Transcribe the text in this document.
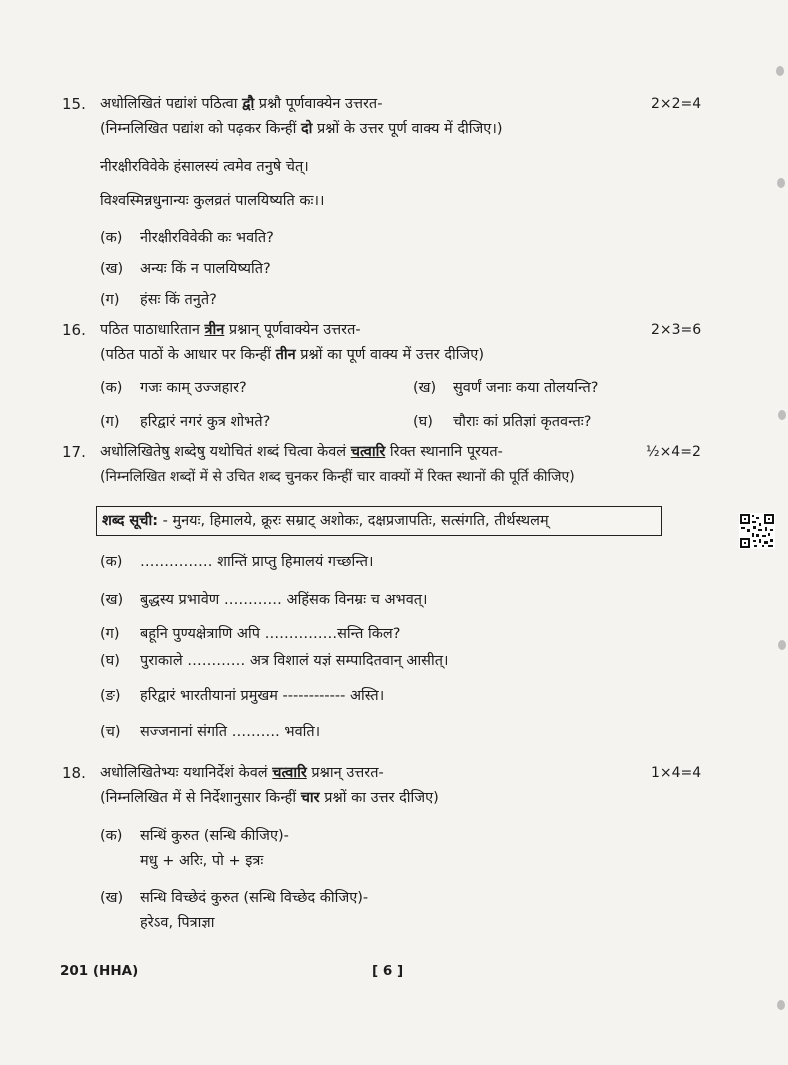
15. अधोलिखितं पद्यांशं पठित्वा द्वौ प्रश्नौ पूर्णवाक्येन उत्तरत-	2×2=4
(निम्नलिखित पद्यांश को पढ़कर किन्हीं दो प्रश्नों के उत्तर पूर्ण वाक्य में दीजिए।)
नीरक्षीरविवेके हंसालस्यं त्वमेव तनुषे चेत्।
विश्वस्मिन्नधुनान्यः कुलव्रतं पालयिष्यति कः।।
(क) नीरक्षीरविवेकी कः भवति?
(ख) अन्यः किं न पालयिष्यति?
(ग) हंसः किं तनुते?
16. पठित पाठाधारितान त्रीन प्रश्नान् पूर्णवाक्येन उत्तरत-	2×3=6
(पठित पाठों के आधार पर किन्हीं तीन प्रश्नों का पूर्ण वाक्य में उत्तर दीजिए)
(क) गजः काम् उज्जहार?	(ख) सुवर्णं जनाः कया तोलयन्ति?
(ग) हरिद्वारं नगरं कुत्र शोभते?	(घ) चौराः कां प्रतिज्ञां कृतवन्तः?
17. अधोलिखितेषु शब्देषु यथोचितं शब्दं चित्वा केवलं चत्वारि रिक्त स्थानानि पूरयत-	½×4=2
(निम्नलिखित शब्दों में से उचित शब्द चुनकर किन्हीं चार वाक्यों में रिक्त स्थानों की पूर्ति कीजिए)
शब्द सूची: - मुनयः, हिमालये, क्रूरः सम्राट् अशोकः, दक्षप्रजापतिः, सत्संगति, तीर्थस्थलम्
(क) …………… शान्तिं प्राप्तु हिमालयं गच्छन्ति।
(ख) बुद्धस्य प्रभावेण ………… अहिंसक विनम्रः च अभवत्।
(ग) बहूनि पुण्यक्षेत्राणि अपि ……………सन्ति किल?
(घ) पुराकाले ………… अत्र विशालं यज्ञं सम्पादितवान् आसीत्।
(ङ) हरिद्वारं भारतीयानां प्रमुखम ------------ अस्ति।
(च) सज्जनानां संगति ………. भवति।
18. अधोलिखितेभ्यः यथानिर्देशं केवलं चत्वारि प्रश्नान् उत्तरत-	1×4=4
(निम्नलिखित में से निर्देशानुसार किन्हीं चार प्रश्नों का उत्तर दीजिए)
(क) सन्धिं कुरुत (सन्धि कीजिए)-
मधु + अरिः, पो + इत्रः
(ख) सन्धि विच्छेदं कुरुत (सन्धि विच्छेद कीजिए)-
हरेऽव, पित्राज्ञा
201 (HHA)	[ 6 ]
